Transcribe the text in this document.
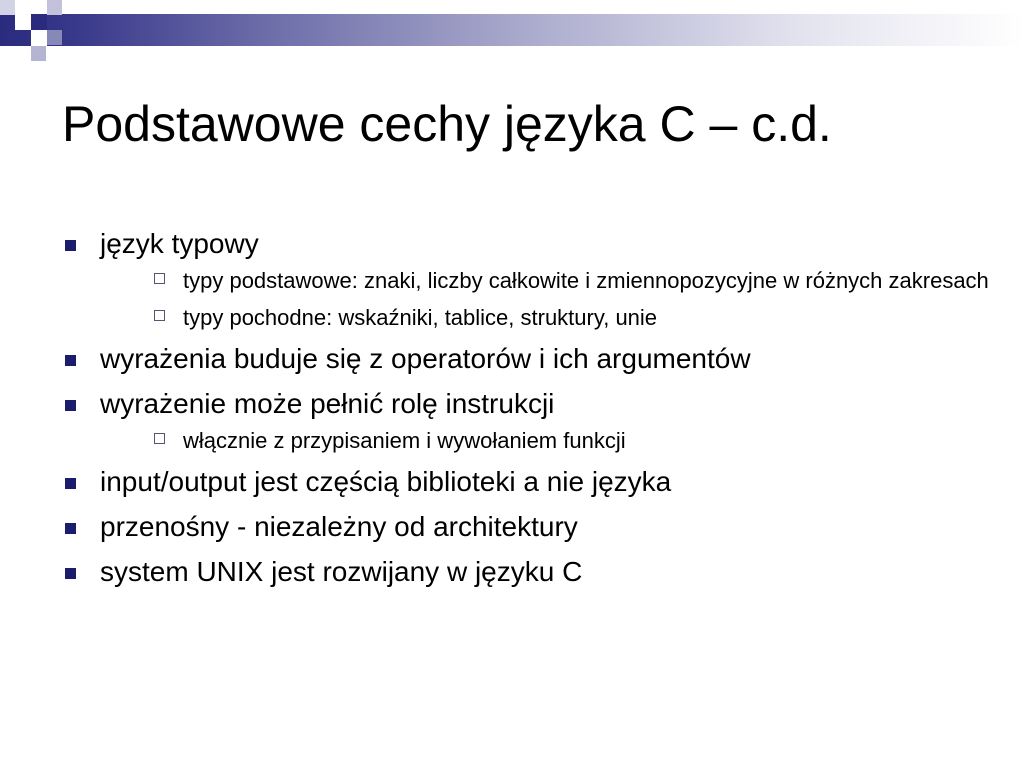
Podstawowe cechy języka C – c.d.
język typowy
typy podstawowe: znaki, liczby całkowite i zmiennopozycyjne w różnych zakresach
typy pochodne: wskaźniki, tablice, struktury, unie
wyrażenia buduje się z operatorów i ich argumentów
wyrażenie może pełnić rolę instrukcji
włącznie z przypisaniem i wywołaniem funkcji
input/output jest częścią biblioteki a nie języka
przenośny - niezależny od architektury
system UNIX jest rozwijany w języku C
